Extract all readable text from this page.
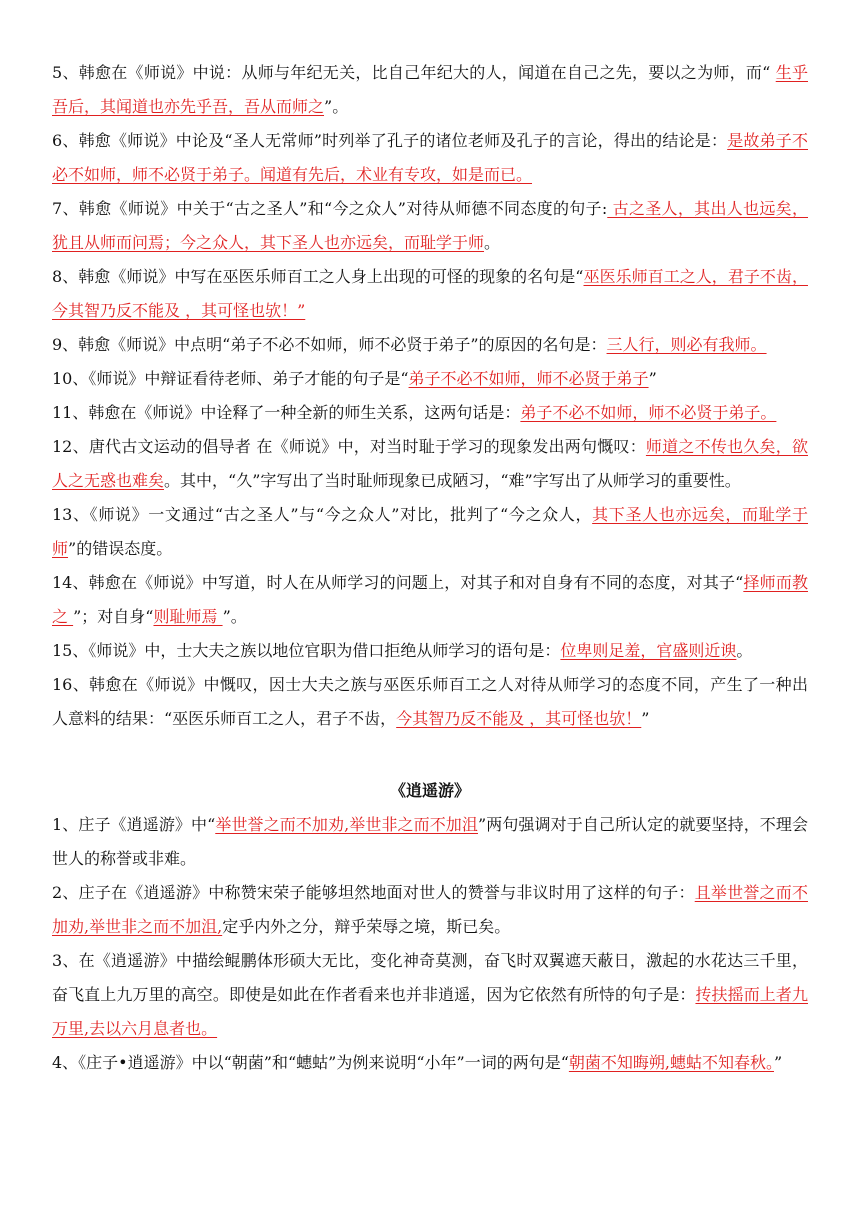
5、韩愈在《师说》中说：从师与年纪无关，比自己年纪大的人，闻道在自己之先，要以之为师，而“ 生乎吾后，其闻道也亦先乎吾，吾从而师之”。

6、韩愈《师说》中论及“圣人无常师”时列举了孔子的诸位老师及孔子的言论，得出的结论是：是故弟子不必不如师，师不必贤于弟子。闻道有先后，术业有专攻，如是而已。

7、韩愈《师说》中关于“古之圣人”和“今之众人”对待从师德不同态度的句子: 古之圣人，其出人也远矣，犹且从师而问焉；今之众人，其下圣人也亦远矣，而耻学于师。

8、韩愈《师说》中写在巫医乐师百工之人身上出现的可怪的现象的名句是“巫医乐师百工之人，君子不齿，今其智乃反不能及 ，其可怪也欤！”

9、韩愈《师说》中点明“弟子不必不如师，师不必贤于弟子”的原因的名句是：三人行，则必有我师。

10、《师说》中辩证看待老师、弟子才能的句子是“弟子不必不如师，师不必贤于弟子”

11、韩愈在《师说》中诠释了一种全新的师生关系，这两句话是：弟子不必不如师，师不必贤于弟子。

12、唐代古文运动的倡导者 在《师说》中，对当时耻于学习的现象发出两句慨叹：师道之不传也久矣，欲人之无惑也难矣。其中，“久”字写出了当时耻师现象已成陋习，“难”字写出了从师学习的重要性。

13、《师说》一文通过“古之圣人”与“今之众人”对比，批判了“今之众人，其下圣人也亦远矣，而耻学于师”的错误态度。

14、韩愈在《师说》中写道，时人在从师学习的问题上，对其子和对自身有不同的态度，对其子“择师而教之 ”；对自身“则耻师焉 ”。

15、《师说》中，士大夫之族以地位官职为借口拒绝从师学习的语句是：位卑则足羞，官盛则近谀。

16、韩愈在《师说》中慨叹，因士大夫之族与巫医乐师百工之人对待从师学习的态度不同，产生了一种出人意料的结果：“巫医乐师百工之人，君子不齿，今其智乃反不能及 ，其可怪也欤！”

《逍遥游》

1、庄子《逍遥游》中“举世誉之而不加劝,举世非之而不加沮”两句强调对于自己所认定的就要坚持，不理会世人的称誉或非难。

2、庄子在《逍遥游》中称赞宋荣子能够坦然地面对世人的赞誉与非议时用了这样的句子：且举世誉之而不加劝,举世非之而不加沮,定乎内外之分，辩乎荣辱之境，斯已矣。

3、在《逍遥游》中描绘鲲鹏体形硕大无比，变化神奇莫测，奋飞时双翼遮天蔽日，激起的水花达三千里，奋飞直上九万里的高空。即使是如此在作者看来也并非逍遥，因为它依然有所恃的句子是：抟扶摇而上者九万里,去以六月息者也。

4、《庄子•逍遥游》中以“朝菌”和“蟪蛄”为例来说明“小年”一词的两句是“朝菌不知晦朔,蟪蛄不知春秋。”
